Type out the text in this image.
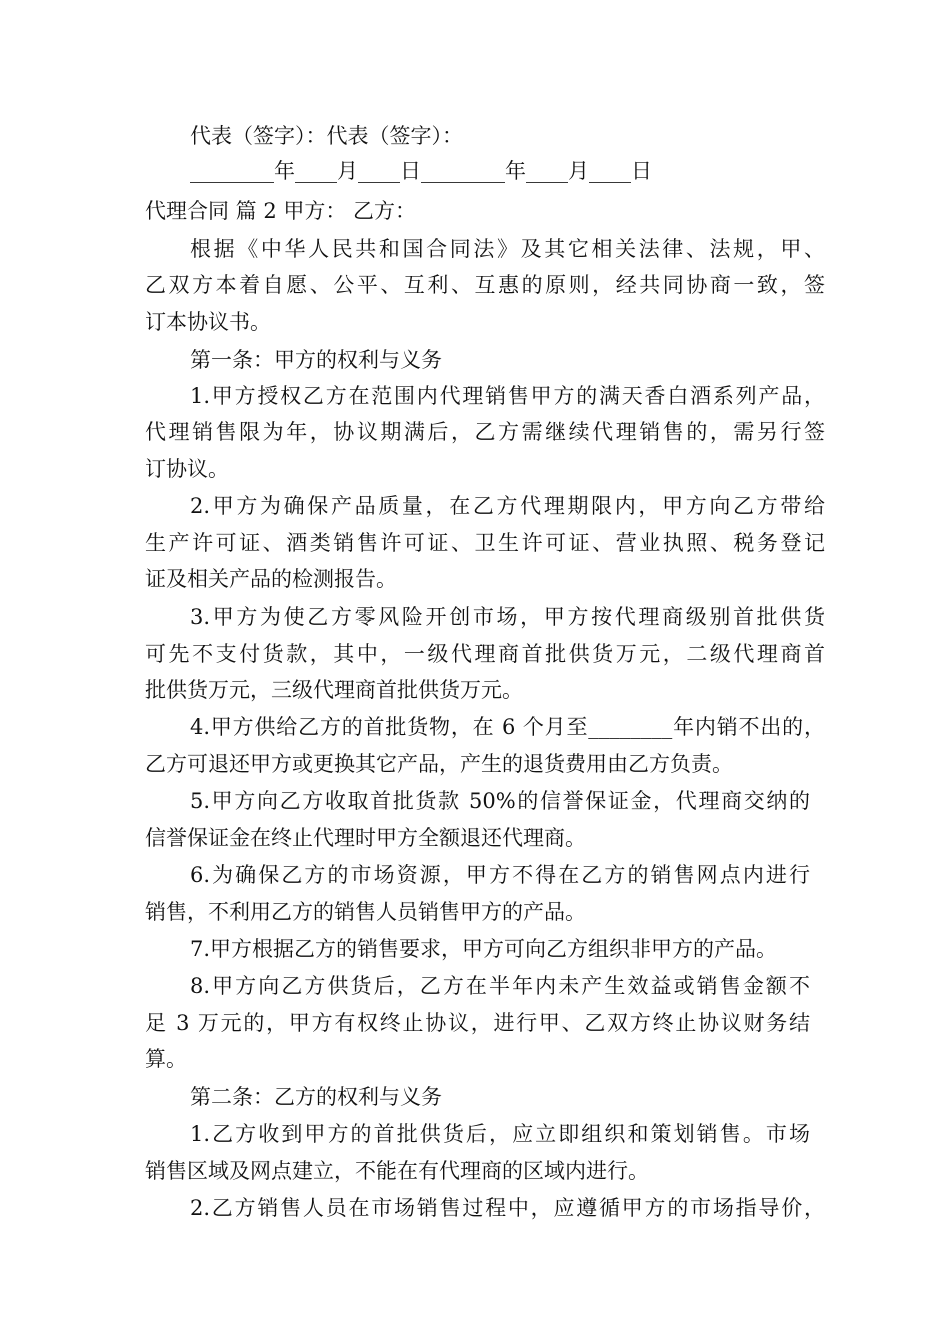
代表（签字）：代表（签字）：
________年____月____日________年____月____日
代理合同 篇 2 甲方： 乙方：
根据《中华人民共和国合同法》及其它相关法律、法规，甲、
乙双方本着自愿、公平、互利、互惠的原则，经共同协商一致，签
订本协议书。
第一条：甲方的权利与义务
1.甲方授权乙方在范围内代理销售甲方的满天香白酒系列产品，
代理销售限为年，协议期满后，乙方需继续代理销售的，需另行签
订协议。
2.甲方为确保产品质量，在乙方代理期限内，甲方向乙方带给
生产许可证、酒类销售许可证、卫生许可证、营业执照、税务登记
证及相关产品的检测报告。
3.甲方为使乙方零风险开创市场，甲方按代理商级别首批供货
可先不支付货款，其中，一级代理商首批供货万元，二级代理商首
批供货万元，三级代理商首批供货万元。
4.甲方供给乙方的首批货物，在 6 个月至________年内销不出的，
乙方可退还甲方或更换其它产品，产生的退货费用由乙方负责。
5.甲方向乙方收取首批货款 50%的信誉保证金，代理商交纳的
信誉保证金在终止代理时甲方全额退还代理商。
6.为确保乙方的市场资源，甲方不得在乙方的销售网点内进行
销售，不利用乙方的销售人员销售甲方的产品。
7.甲方根据乙方的销售要求，甲方可向乙方组织非甲方的产品。
8.甲方向乙方供货后，乙方在半年内未产生效益或销售金额不
足 3 万元的，甲方有权终止协议，进行甲、乙双方终止协议财务结
算。
第二条：乙方的权利与义务
1.乙方收到甲方的首批供货后，应立即组织和策划销售。市场
销售区域及网点建立，不能在有代理商的区域内进行。
2.乙方销售人员在市场销售过程中，应遵循甲方的市场指导价，
